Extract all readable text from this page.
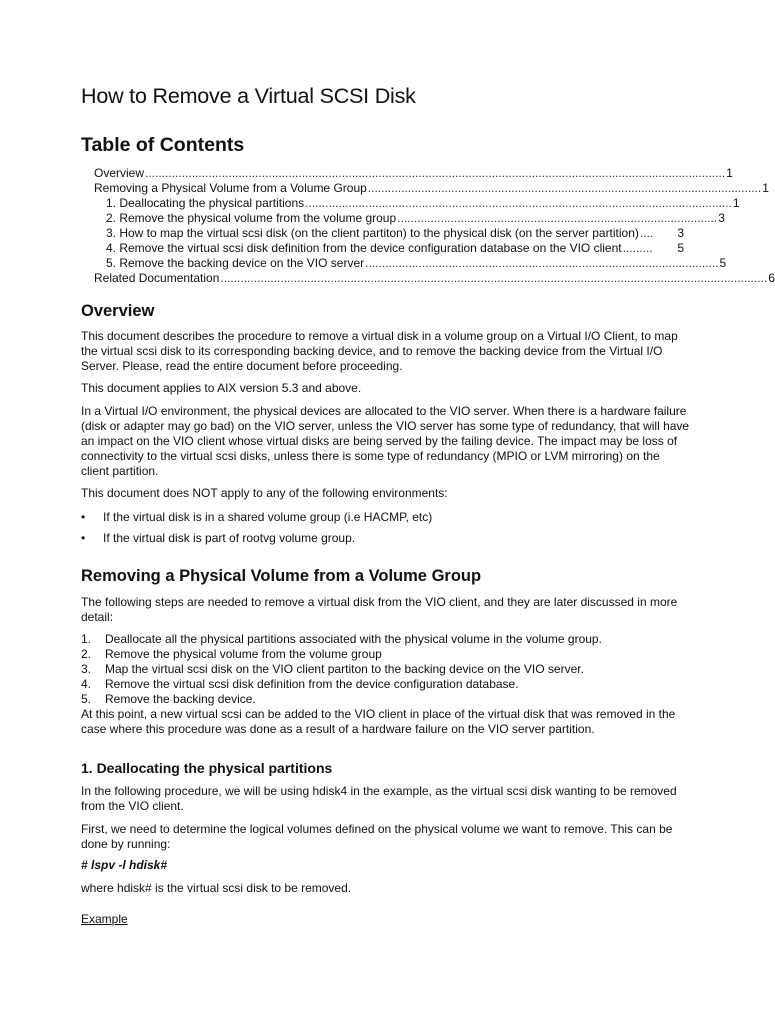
How to Remove a Virtual SCSI Disk
Table of Contents
Overview .............................................................................................................................................................................. 1
Removing a Physical Volume from a Volume Group ...................................................................................................................... 1
1. Deallocating the physical partitions ................................................................................................................................ 1
2. Remove the physical volume from the volume group ................................................................................................ 3
3. How to map the virtual scsi disk (on the client partiton) to the physical disk (on the server partition) ....	3
4. Remove the virtual scsi disk definition from the device configuration database on the VIO client .........	5
5. Remove the backing device on the VIO server .......................................................................................................... 5
Related Documentation .................................................................................................................................................................... 6
Overview

This document describes the procedure to remove a virtual disk in a volume group on a Virtual I/O Client, to map the virtual scsi disk to its corresponding backing device, and to remove the backing device from the Virtual I/O Server. Please, read the entire document before proceeding.

This document applies to AIX version 5.3 and above.

In a Virtual I/O environment, the physical devices are allocated to the VIO server. When there is a hardware failure (disk or adapter may go bad) on the VIO server, unless the VIO server has some type of redundancy, that will have an impact on the VIO client whose virtual disks are being served by the failing device. The impact may be loss of connectivity to the virtual scsi disks, unless there is some type of redundancy (MPIO or LVM mirroring) on the client partition.

This document does NOT apply to any of the following environments:

• If the virtual disk is in a shared volume group (i.e HACMP, etc)
• If the virtual disk is part of rootvg volume group.
Removing a Physical Volume from a Volume Group

The following steps are needed to remove a virtual disk from the VIO client, and they are later discussed in more detail:

1. Deallocate all the physical partitions associated with the physical volume in the volume group.
2. Remove the physical volume from the volume group
3. Map the virtual scsi disk on the VIO client partiton to the backing device on the VIO server.
4. Remove the virtual scsi disk definition from the device configuration database.
5. Remove the backing device.

At this point, a new virtual scsi can be added to the VIO client in place of the virtual disk that was removed in the case where this procedure was done as a result of a hardware failure on the VIO server partition.

1. Deallocating the physical partitions

In the following procedure, we will be using hdisk4 in the example, as the virtual scsi disk wanting to be removed from the VIO client.

First, we need to determine the logical volumes defined on the physical volume we want to remove. This can be done by running:

# lspv -l hdisk#

where hdisk# is the virtual scsi disk to be removed.

Example
